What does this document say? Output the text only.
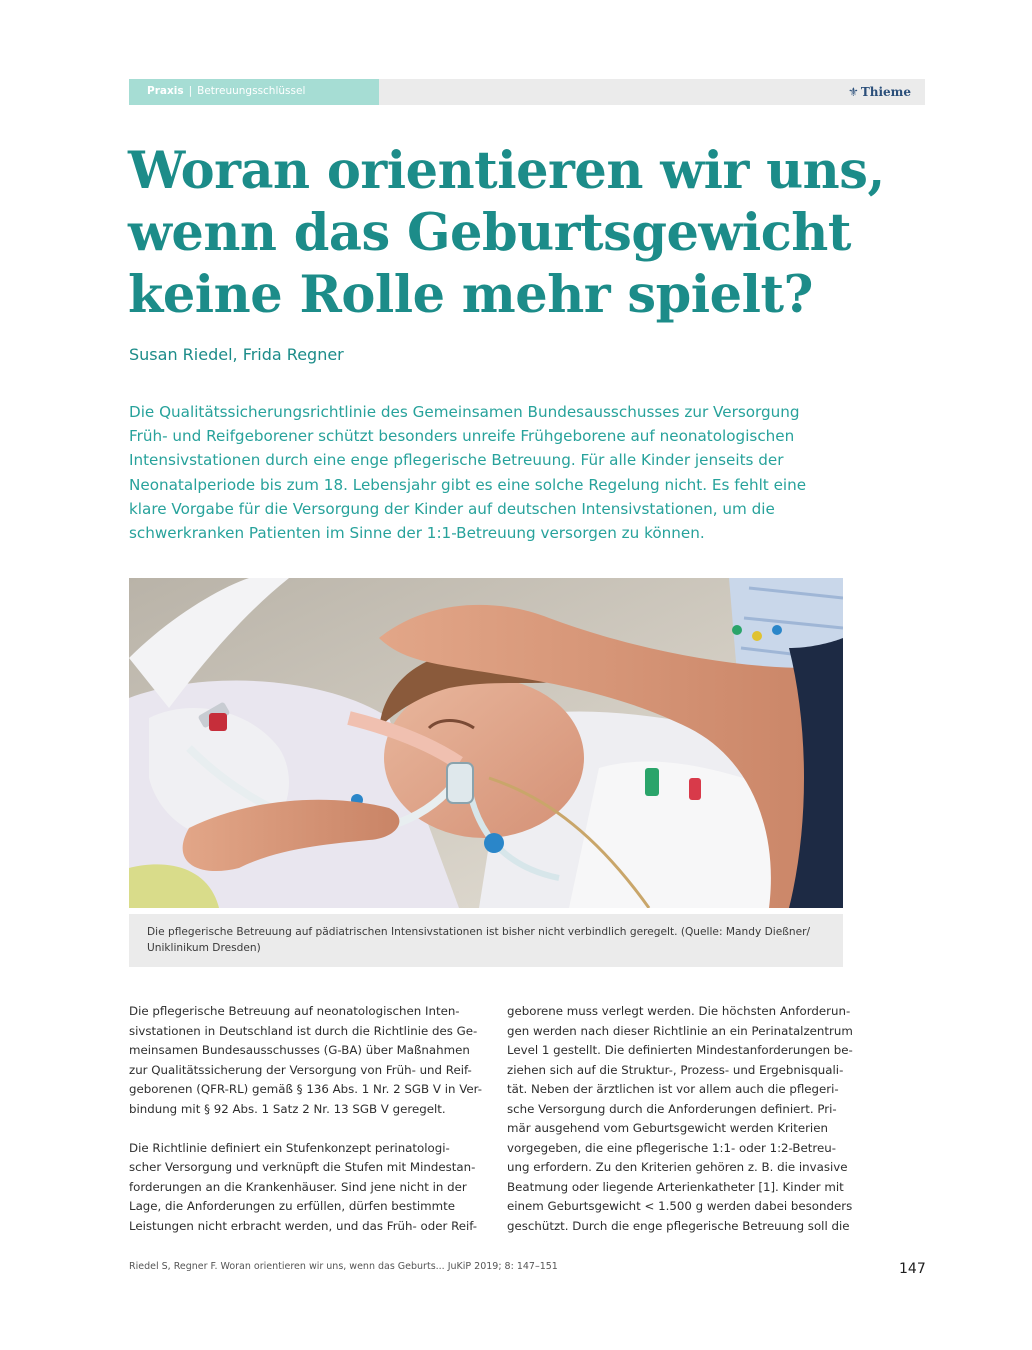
Praxis | Betreuungsschlüssel	⚜ Thieme
Woran orientieren wir uns,
wenn das Geburtsgewicht
keine Rolle mehr spielt?
Susan Riedel, Frida Regner
Die Qualitätssicherungsrichtlinie des Gemeinsamen Bundesausschusses zur Versorgung
Früh- und Reifgeborener schützt besonders unreife Frühgeborene auf neonatologischen
Intensivstationen durch eine enge pflegerische Betreuung. Für alle Kinder jenseits der
Neonatalperiode bis zum 18. Lebensjahr gibt es eine solche Regelung nicht. Es fehlt eine
klare Vorgabe für die Versorgung der Kinder auf deutschen Intensivstationen, um die
schwerkranken Patienten im Sinne der 1:1-Betreuung versorgen zu können.
Die pflegerische Betreuung auf pädiatrischen Intensivstationen ist bisher nicht verbindlich geregelt. (Quelle: Mandy Dießner/
Uniklinikum Dresden)
Die pflegerische Betreuung auf neonatologischen Inten-
sivstationen in Deutschland ist durch die Richtlinie des Ge-
meinsamen Bundesausschusses (G-BA) über Maßnahmen
zur Qualitätssicherung der Versorgung von Früh- und Reif-
geborenen (QFR-RL) gemäß § 136 Abs. 1 Nr. 2 SGB V in Ver-
bindung mit § 92 Abs. 1 Satz 2 Nr. 13 SGB V geregelt.
Die Richtlinie definiert ein Stufenkonzept perinatologi-
scher Versorgung und verknüpft die Stufen mit Mindestan-
forderungen an die Krankenhäuser. Sind jene nicht in der
Lage, die Anforderungen zu erfüllen, dürfen bestimmte
Leistungen nicht erbracht werden, und das Früh- oder Reif-
geborene muss verlegt werden. Die höchsten Anforderun-
gen werden nach dieser Richtlinie an ein Perinatalzentrum
Level 1 gestellt. Die definierten Mindestanforderungen be-
ziehen sich auf die Struktur-, Prozess- und Ergebnisquali-
tät. Neben der ärztlichen ist vor allem auch die pflegeri-
sche Versorgung durch die Anforderungen definiert. Pri-
mär ausgehend vom Geburtsgewicht werden Kriterien
vorgegeben, die eine pflegerische 1:1- oder 1:2-Betreu-
ung erfordern. Zu den Kriterien gehören z. B. die invasive
Beatmung oder liegende Arterienkatheter [1]. Kinder mit
einem Geburtsgewicht < 1.500 g werden dabei besonders
geschützt. Durch die enge pflegerische Betreuung soll die
Riedel S, Regner F. Woran orientieren wir uns, wenn das Geburts... JuKiP 2019; 8: 147–151	147
